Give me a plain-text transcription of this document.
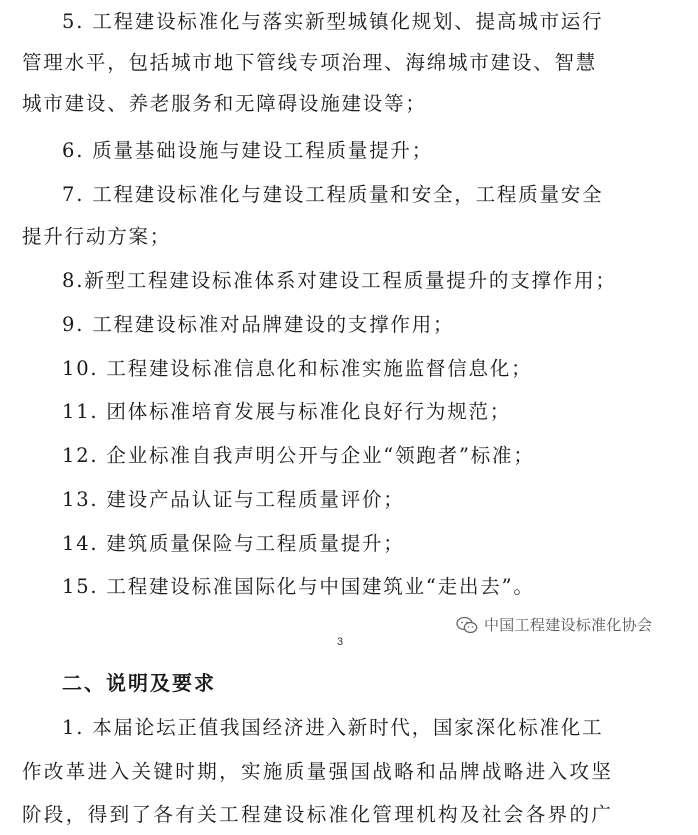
5. 工程建设标准化与落实新型城镇化规划、提高城市运行
管理水平，包括城市地下管线专项治理、海绵城市建设、智慧
城市建设、养老服务和无障碍设施建设等；
6. 质量基础设施与建设工程质量提升；
7. 工程建设标准化与建设工程质量和安全，工程质量安全
提升行动方案；
8.新型工程建设标准体系对建设工程质量提升的支撑作用；
9. 工程建设标准对品牌建设的支撑作用；
10. 工程建设标准信息化和标准实施监督信息化；
11. 团体标准培育发展与标准化良好行为规范；
12. 企业标准自我声明公开与企业“领跑者”标准；
13. 建设产品认证与工程质量评价；
14. 建筑质量保险与工程质量提升；
15. 工程建设标准国际化与中国建筑业“走出去”。
中国工程建设标准化协会
3
二、说明及要求
1. 本届论坛正值我国经济进入新时代，国家深化标准化工
作改革进入关键时期，实施质量强国战略和品牌战略进入攻坚
阶段，得到了各有关工程建设标准化管理机构及社会各界的广
